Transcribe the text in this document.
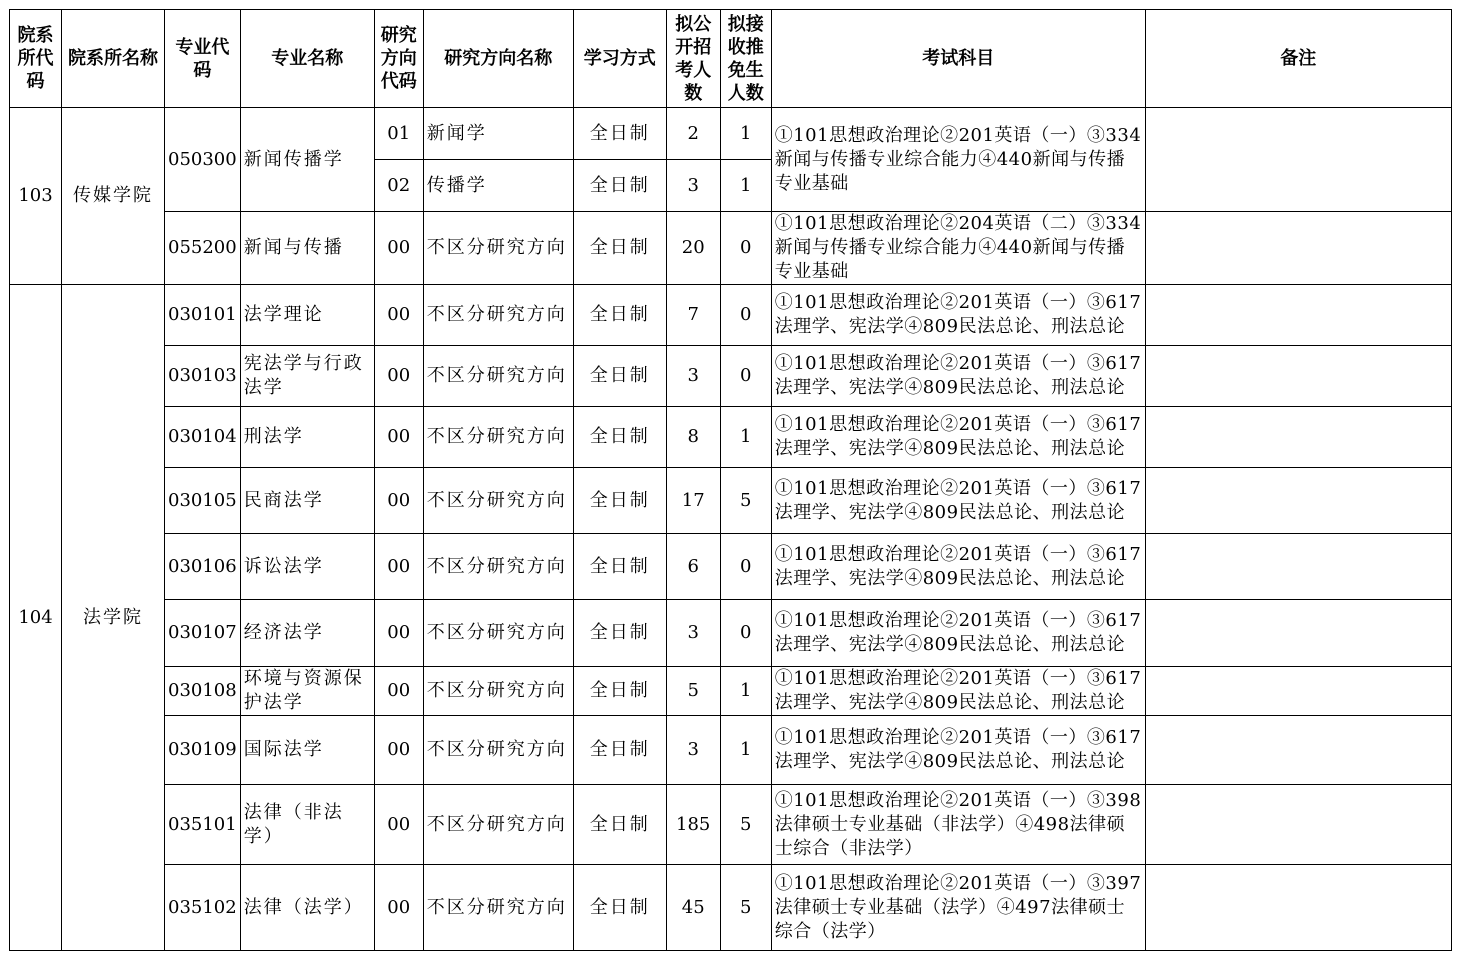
院系所代码	院系所名称	专业代码	专业名称	研究方向代码	研究方向名称	学习方式	拟公开招考人数	拟接收推免生人数	考试科目	备注
103	传媒学院	050300	新闻传播学	01	新闻学	全日制	2	1	①101思想政治理论②201英语（一）③334新闻与传播专业综合能力④440新闻与传播专业基础	
				02	传播学	全日制	3	1		
		055200	新闻与传播	00	不区分研究方向	全日制	20	0	①101思想政治理论②204英语（二）③334新闻与传播专业综合能力④440新闻与传播专业基础	
104	法学院	030101	法学理论	00	不区分研究方向	全日制	7	0	①101思想政治理论②201英语（一）③617法理学、宪法学④809民法总论、刑法总论	
		030103	宪法学与行政法学	00	不区分研究方向	全日制	3	0	①101思想政治理论②201英语（一）③617法理学、宪法学④809民法总论、刑法总论	
		030104	刑法学	00	不区分研究方向	全日制	8	1	①101思想政治理论②201英语（一）③617法理学、宪法学④809民法总论、刑法总论	
		030105	民商法学	00	不区分研究方向	全日制	17	5	①101思想政治理论②201英语（一）③617法理学、宪法学④809民法总论、刑法总论	
		030106	诉讼法学	00	不区分研究方向	全日制	6	0	①101思想政治理论②201英语（一）③617法理学、宪法学④809民法总论、刑法总论	
		030107	经济法学	00	不区分研究方向	全日制	3	0	①101思想政治理论②201英语（一）③617法理学、宪法学④809民法总论、刑法总论	
		030108	环境与资源保护法学	00	不区分研究方向	全日制	5	1	①101思想政治理论②201英语（一）③617法理学、宪法学④809民法总论、刑法总论	
		030109	国际法学	00	不区分研究方向	全日制	3	1	①101思想政治理论②201英语（一）③617法理学、宪法学④809民法总论、刑法总论	
		035101	法律（非法学）	00	不区分研究方向	全日制	185	5	①101思想政治理论②201英语（一）③398法律硕士专业基础（非法学）④498法律硕士综合（非法学）	
		035102	法律（法学）	00	不区分研究方向	全日制	45	5	①101思想政治理论②201英语（一）③397法律硕士专业基础（法学）④497法律硕士综合（法学）	
